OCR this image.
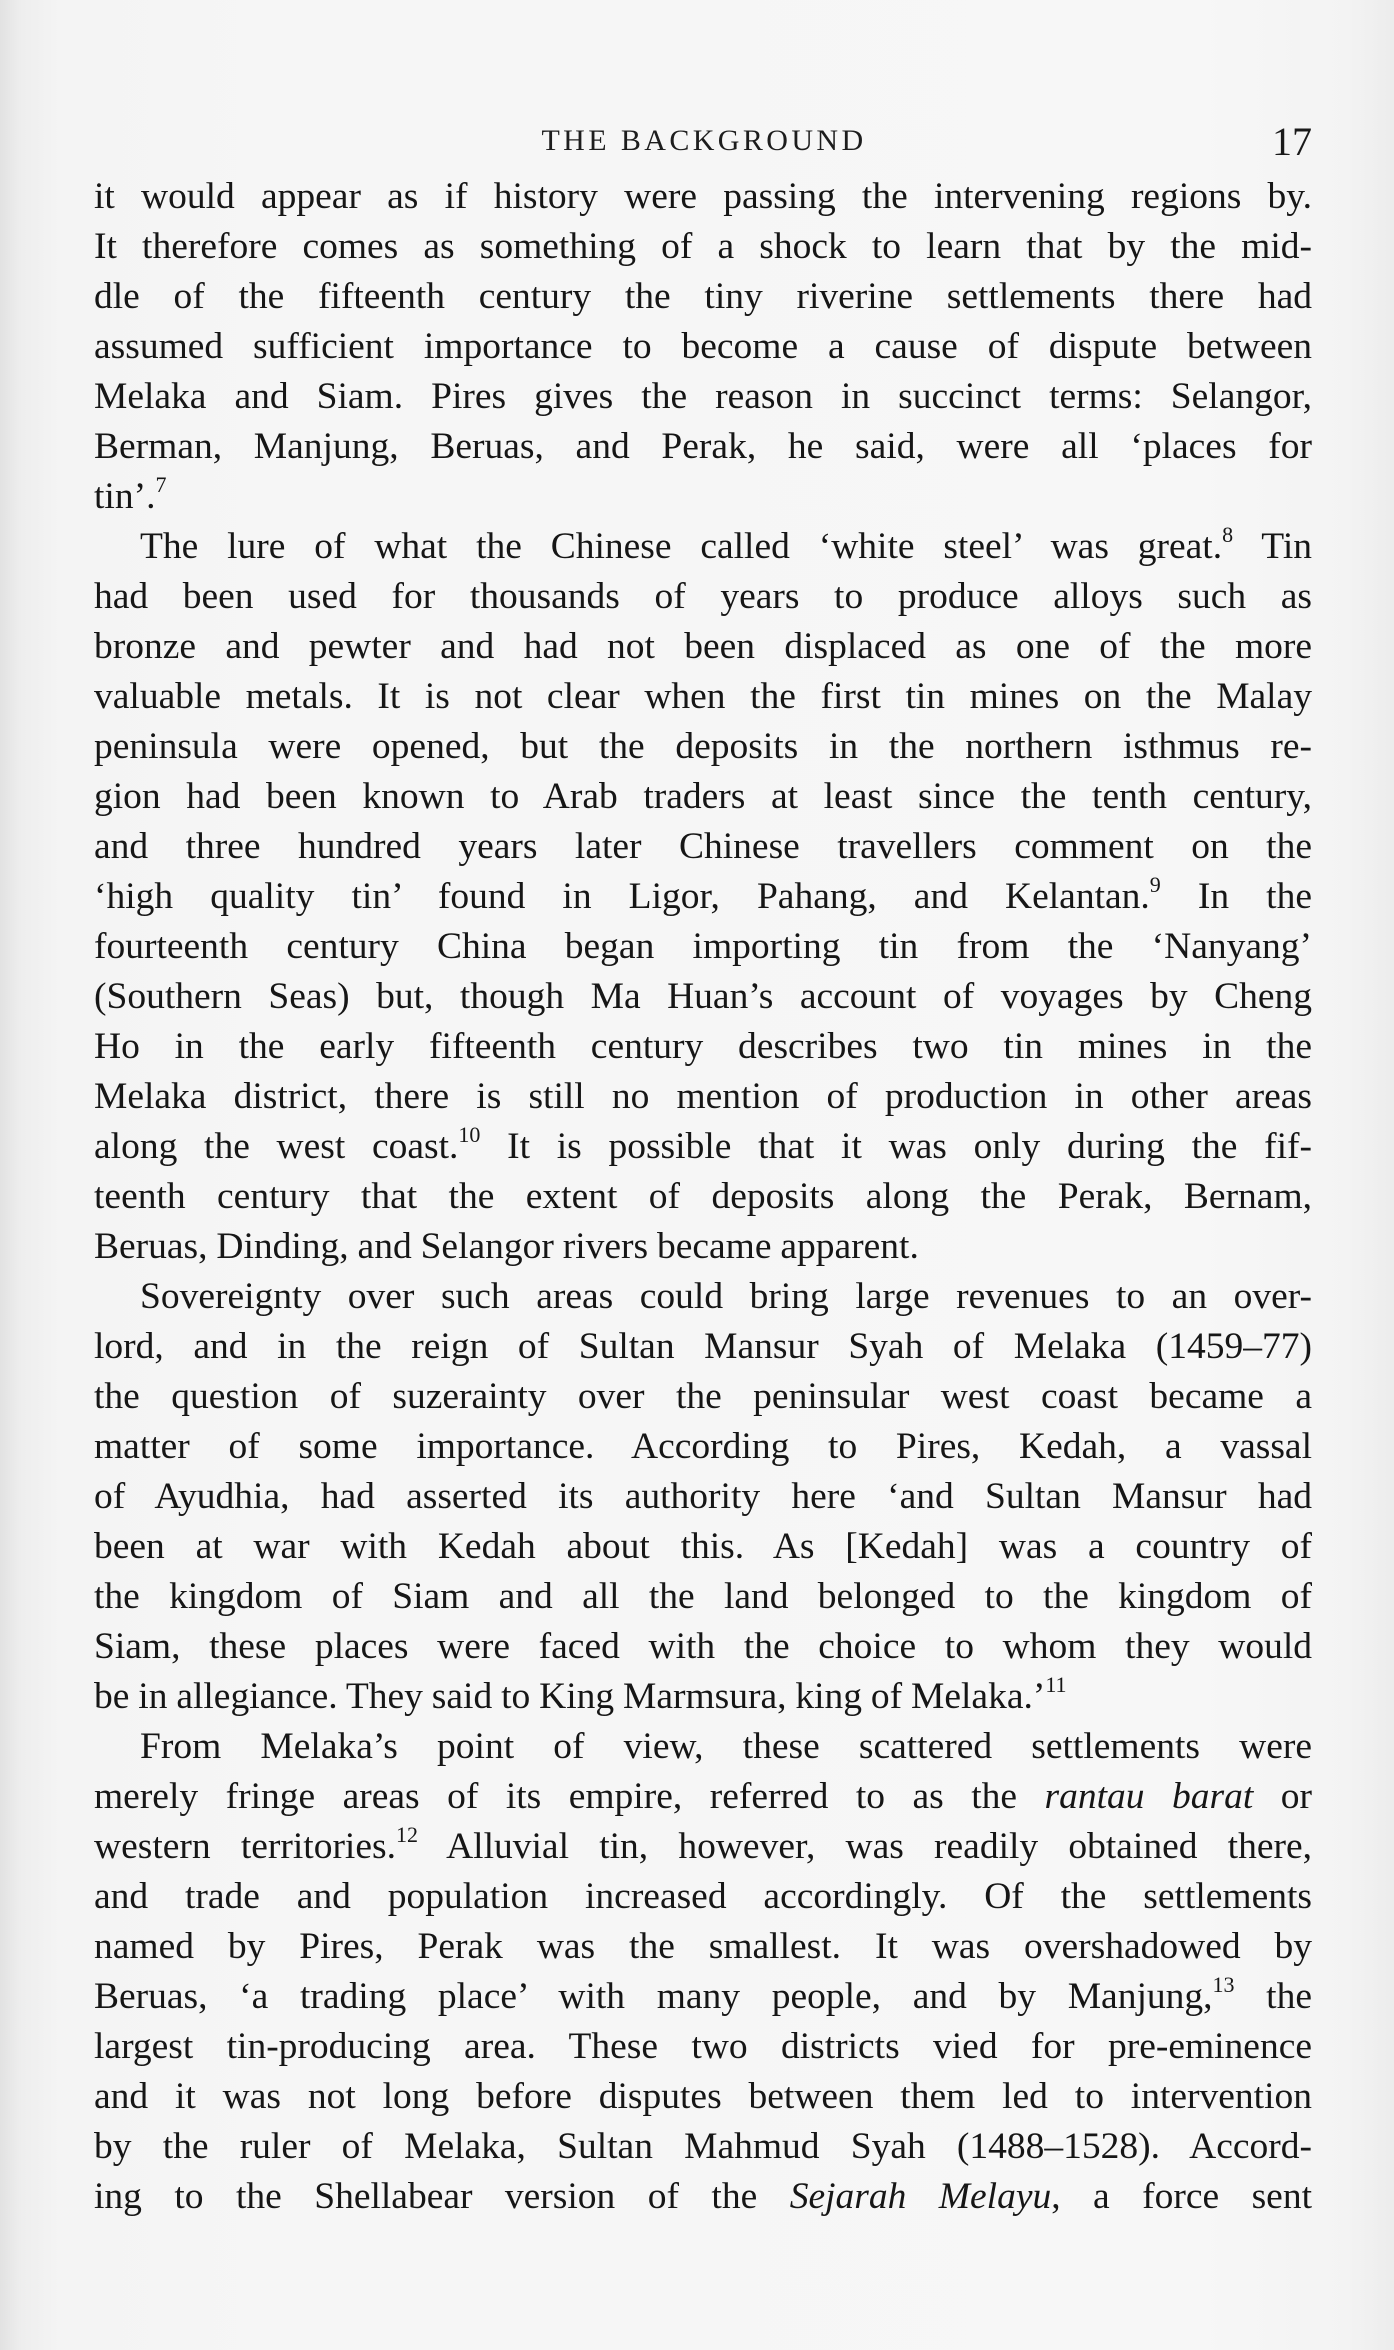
THE BACKGROUND	17

it would appear as if history were passing the intervening regions by.

It therefore comes as something of a shock to learn that by the mid-

dle of the fifteenth century the tiny riverine settlements there had

assumed sufficient importance to become a cause of dispute between

Melaka and Siam. Pires gives the reason in succinct terms: Selangor,

Berman, Manjung, Beruas, and Perak, he said, were all ‘places for

tin’.$^7$

The lure of what the Chinese called ‘white steel’ was great.$^8$ Tin

had been used for thousands of years to produce alloys such as

bronze and pewter and had not been displaced as one of the more

valuable metals. It is not clear when the first tin mines on the Malay

peninsula were opened, but the deposits in the northern isthmus re-

gion had been known to Arab traders at least since the tenth century,

and three hundred years later Chinese travellers comment on the

‘high quality tin’ found in Ligor, Pahang, and Kelantan.$^9$ In the

fourteenth century China began importing tin from the ‘Nanyang’

(Southern Seas) but, though Ma Huan’s account of voyages by Cheng

Ho in the early fifteenth century describes two tin mines in the

Melaka district, there is still no mention of production in other areas

along the west coast.$^{10}$ It is possible that it was only during the fif-

teenth century that the extent of deposits along the Perak, Bernam,

Beruas, Dinding, and Selangor rivers became apparent.

Sovereignty over such areas could bring large revenues to an over-

lord, and in the reign of Sultan Mansur Syah of Melaka (1459–77)

the question of suzerainty over the peninsular west coast became a

matter of some importance. According to Pires, Kedah, a vassal

of Ayudhia, had asserted its authority here ‘and Sultan Mansur had

been at war with Kedah about this. As [Kedah] was a country of

the kingdom of Siam and all the land belonged to the kingdom of

Siam, these places were faced with the choice to whom they would

be in allegiance. They said to King Marmsura, king of Melaka.’$^{11}$

From Melaka’s point of view, these scattered settlements were

merely fringe areas of its empire, referred to as the rantau barat or

western territories.$^{12}$ Alluvial tin, however, was readily obtained there,

and trade and population increased accordingly. Of the settlements

named by Pires, Perak was the smallest. It was overshadowed by

Beruas, ‘a trading place’ with many people, and by Manjung,$^{13}$ the

largest tin-producing area. These two districts vied for pre-eminence

and it was not long before disputes between them led to intervention

by the ruler of Melaka, Sultan Mahmud Syah (1488–1528). Accord-

ing to the Shellabear version of the Sejarah Melayu, a force sent
